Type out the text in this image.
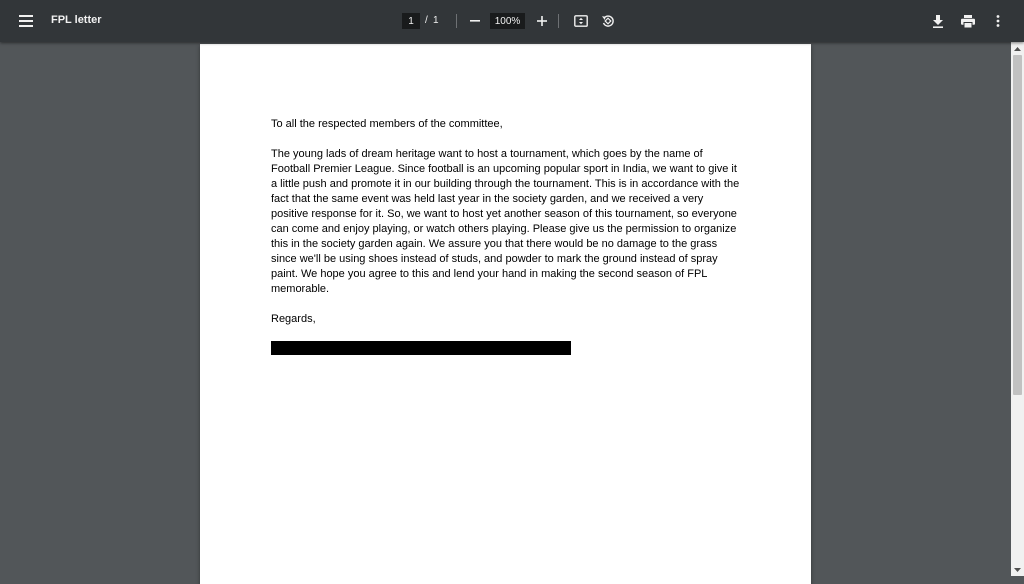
FPL letter
1	/ 1
100%

To all the respected members of the committee,

The young lads of dream heritage want to host a tournament, which goes by the name of Football Premier League. Since football is an upcoming popular sport in India, we want to give it a little push and promote it in our building through the tournament. This is in accordance with the fact that the same event was held last year in the society garden, and we received a very positive response for it. So, we want to host yet another season of this tournament, so everyone can come and enjoy playing, or watch others playing. Please give us the permission to organize this in the society garden again. We assure you that there would be no damage to the grass since we'll be using shoes instead of studs, and powder to mark the ground instead of spray paint. We hope you agree to this and lend your hand in making the second season of FPL memorable.

Regards,
